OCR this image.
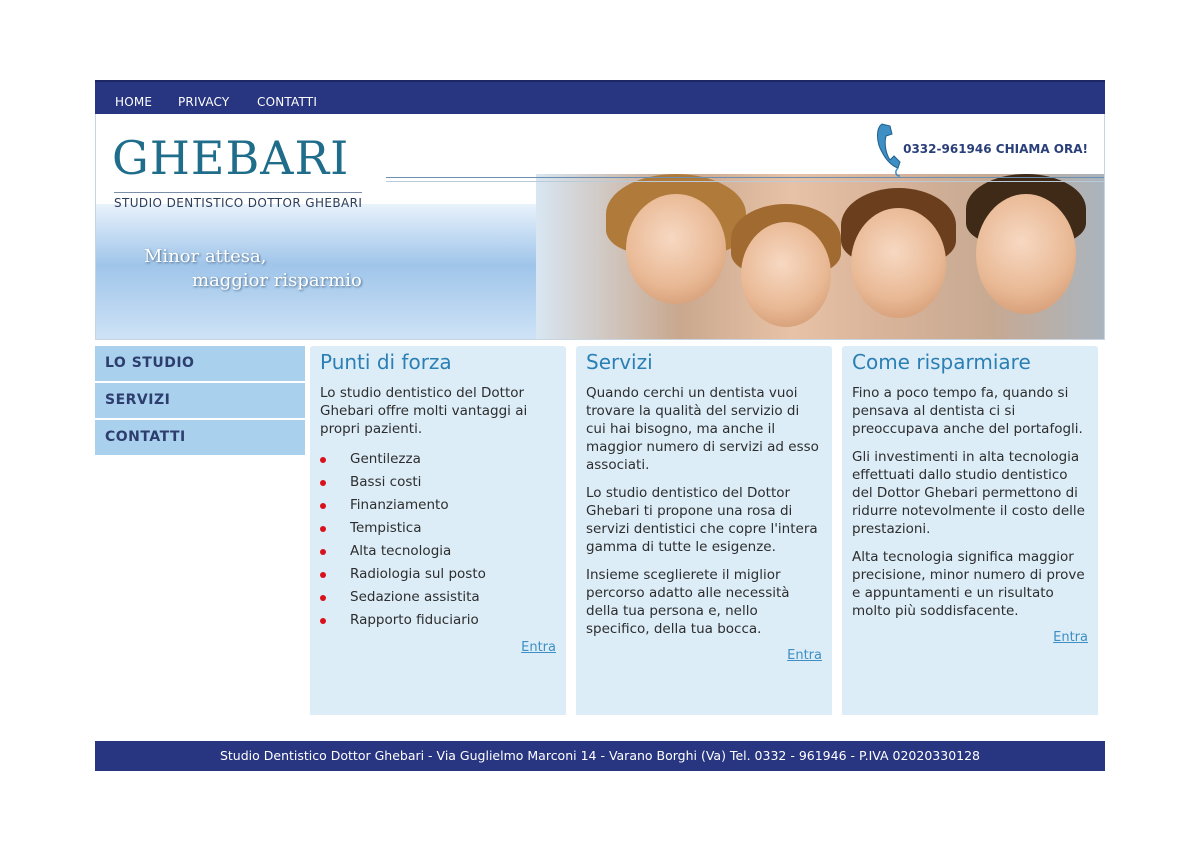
HOME PRIVACY CONTATTI
GHEBARI
STUDIO DENTISTICO DOTTOR GHEBARI
Minor attesa,
maggior risparmio
0332-961946 CHIAMA ORA!
LO STUDIO
SERVIZI
CONTATTI
Punti di forza

Lo studio dentistico del Dottor Ghebari offre molti vantaggi ai propri pazienti.

Gentilezza
Bassi costi
Finanziamento
Tempistica
Alta tecnologia
Radiologia sul posto
Sedazione assistita
Rapporto fiduciario
Entra
Servizi

Quando cerchi un dentista vuoi trovare la qualità del servizio di cui hai bisogno, ma anche il maggior numero di servizi ad esso associati.

Lo studio dentistico del Dottor Ghebari ti propone una rosa di servizi dentistici che copre l'intera gamma di tutte le esigenze.

Insieme sceglierete il miglior percorso adatto alle necessità della tua persona e, nello specifico, della tua bocca.

Entra
Come risparmiare

Fino a poco tempo fa, quando si pensava al dentista ci si preoccupava anche del portafogli.

Gli investimenti in alta tecnologia effettuati dallo studio dentistico del Dottor Ghebari permettono di ridurre notevolmente il costo delle prestazioni.

Alta tecnologia significa maggior precisione, minor numero di prove e appuntamenti e un risultato molto più soddisfacente.

Entra
Studio Dentistico Dottor Ghebari - Via Guglielmo Marconi 14 - Varano Borghi (Va) Tel. 0332 - 961946 - P.IVA 02020330128
